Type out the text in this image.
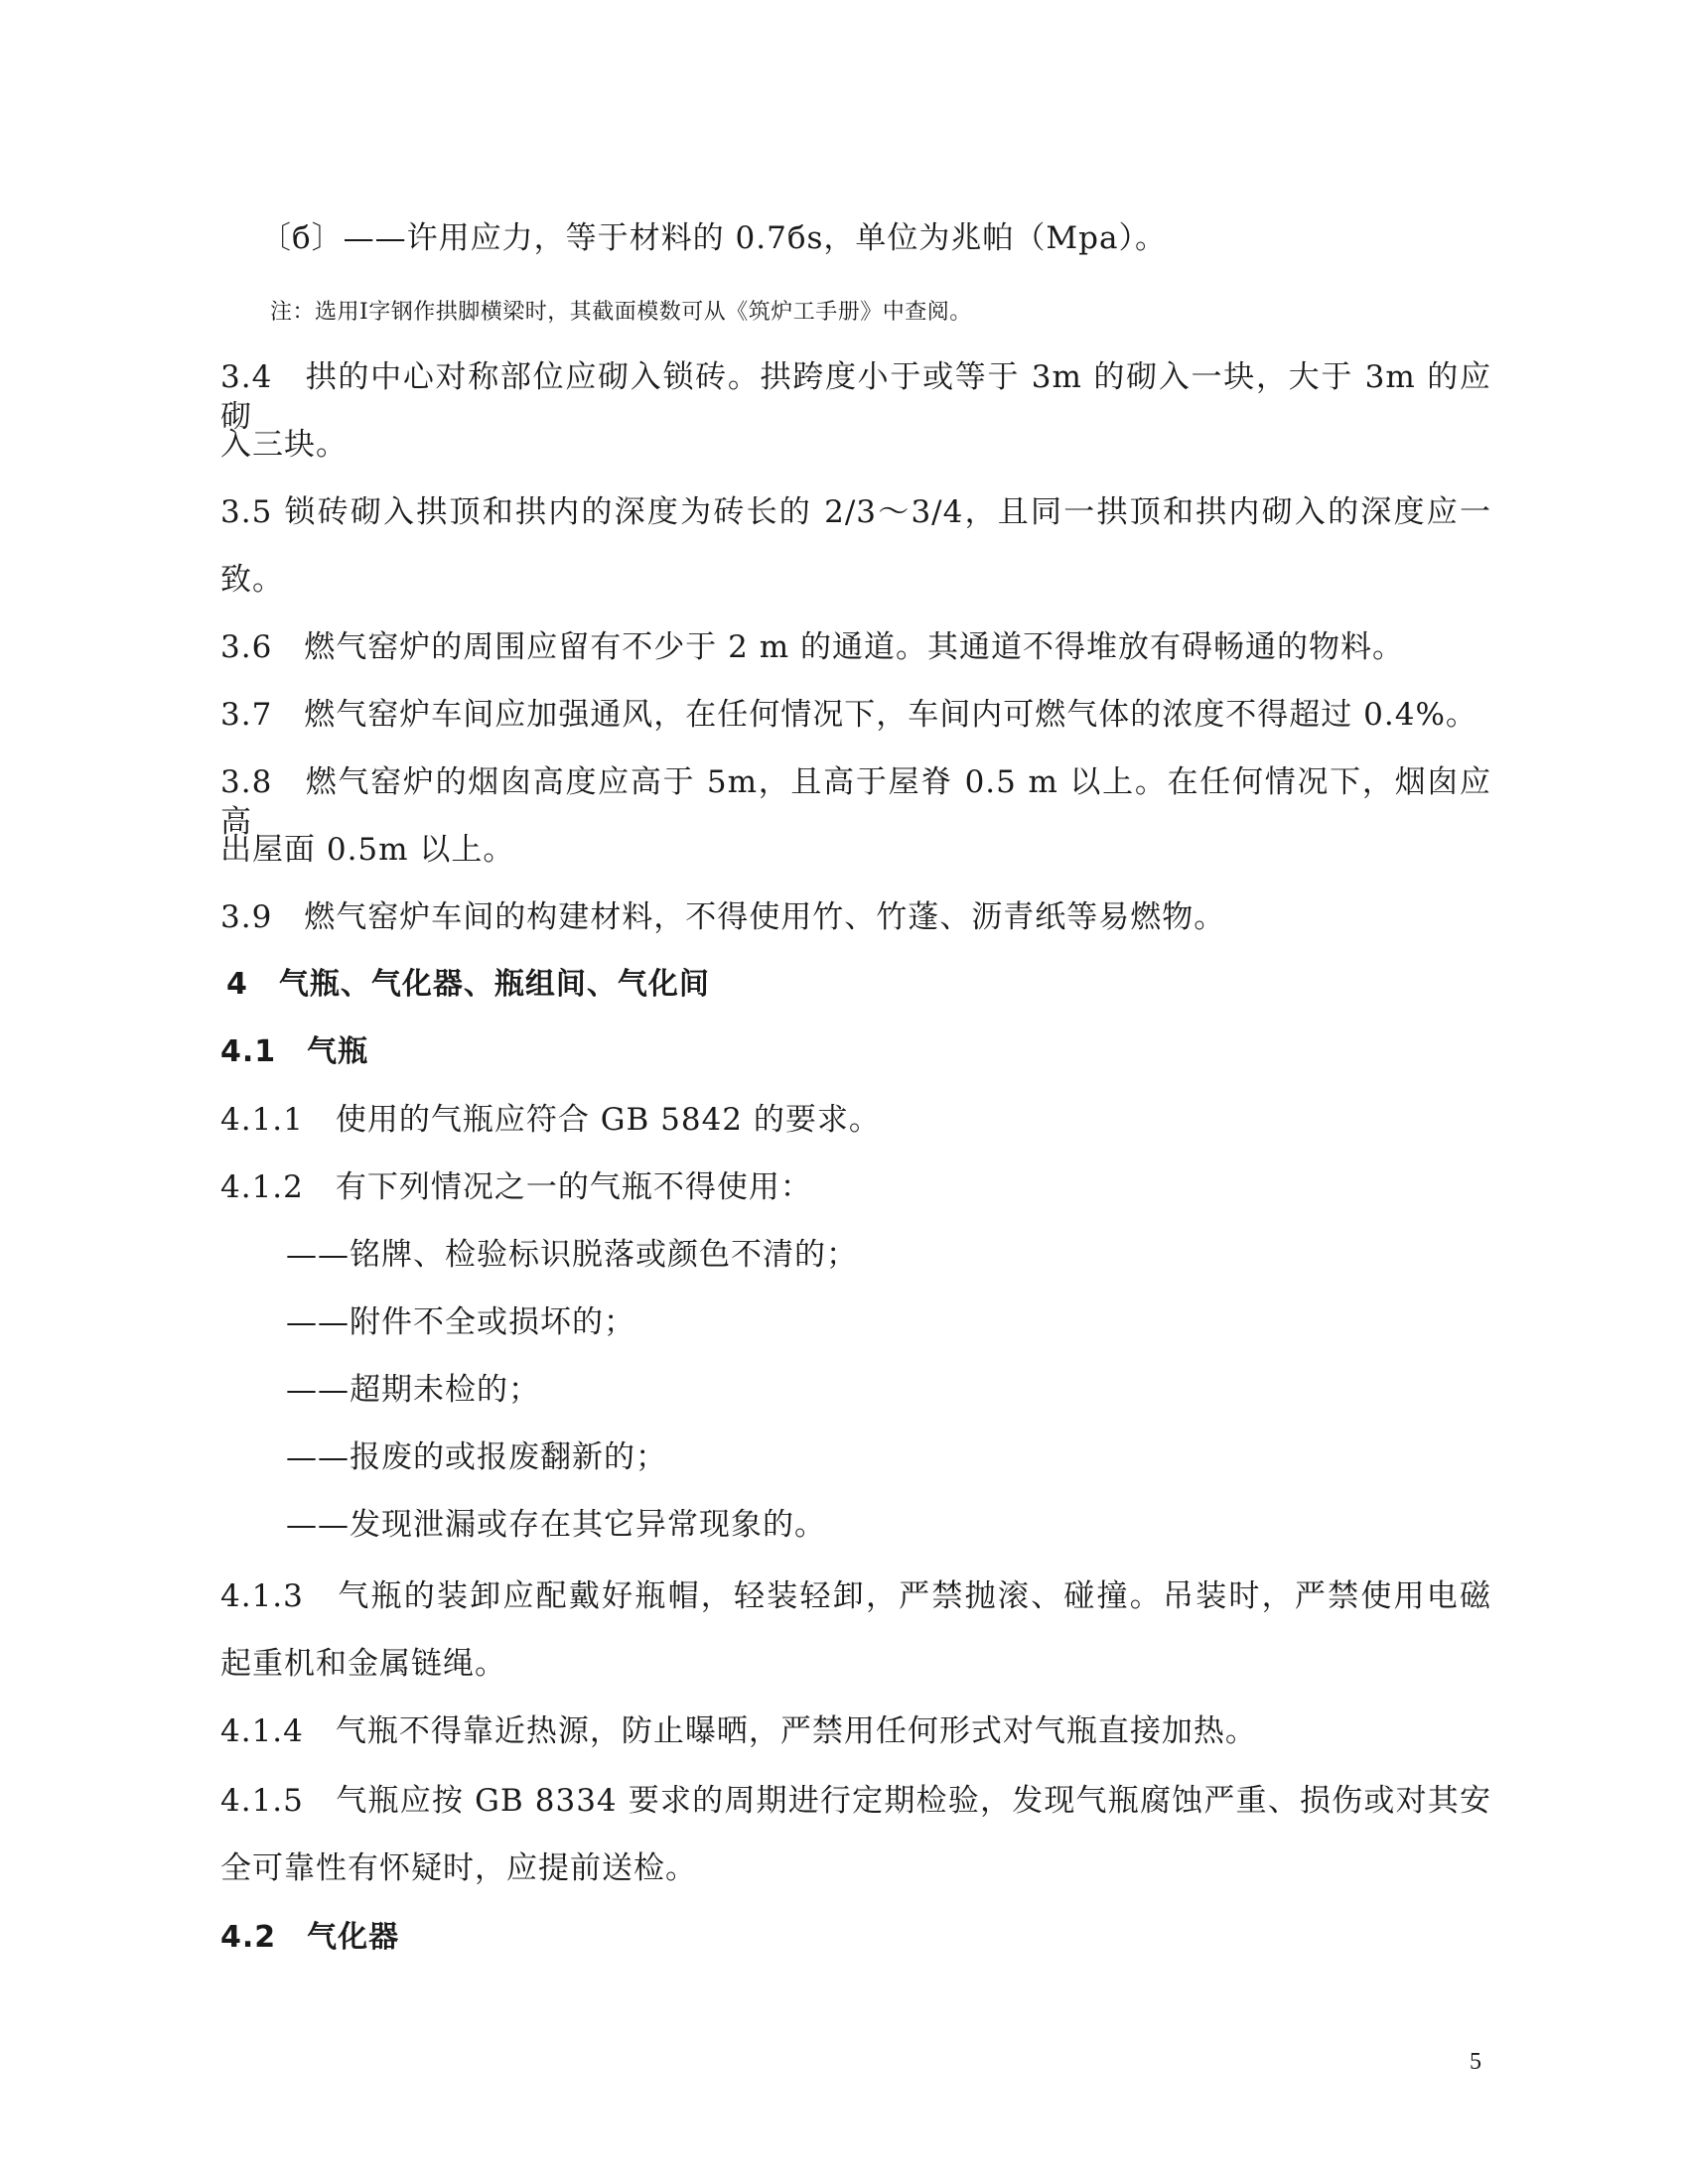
〔б〕——许用应力，等于材料的 0.7бs，单位为兆帕（Mpa）。
注：选用Ⅰ字钢作拱脚横梁时，其截面模数可从《筑炉工手册》中查阅。
3.4　拱的中心对称部位应砌入锁砖。拱跨度小于或等于 3m 的砌入一块，大于 3m 的应砌
入三块。
3.5 锁砖砌入拱顶和拱内的深度为砖长的 2/3～3/4，且同一拱顶和拱内砌入的深度应一
致。
3.6　燃气窑炉的周围应留有不少于 2 m 的通道。其通道不得堆放有碍畅通的物料。
3.7　燃气窑炉车间应加强通风，在任何情况下，车间内可燃气体的浓度不得超过 0.4%。
3.8　燃气窑炉的烟囱高度应高于 5m，且高于屋脊 0.5 m 以上。在任何情况下，烟囱应高
出屋面 0.5m 以上。
3.9　燃气窑炉车间的构建材料，不得使用竹、竹蓬、沥青纸等易燃物。
4　气瓶、气化器、瓶组间、气化间
4.1　气瓶
4.1.1　使用的气瓶应符合 GB 5842 的要求。
4.1.2　有下列情况之一的气瓶不得使用：
——铭牌、检验标识脱落或颜色不清的；
——附件不全或损坏的；
——超期未检的；
——报废的或报废翻新的；
——发现泄漏或存在其它异常现象的。
4.1.3　气瓶的装卸应配戴好瓶帽，轻装轻卸，严禁抛滚、碰撞。吊装时，严禁使用电磁
起重机和金属链绳。
4.1.4　气瓶不得靠近热源，防止曝晒，严禁用任何形式对气瓶直接加热。
4.1.5　气瓶应按 GB 8334 要求的周期进行定期检验，发现气瓶腐蚀严重、损伤或对其安
全可靠性有怀疑时，应提前送检。
4.2　气化器
5
